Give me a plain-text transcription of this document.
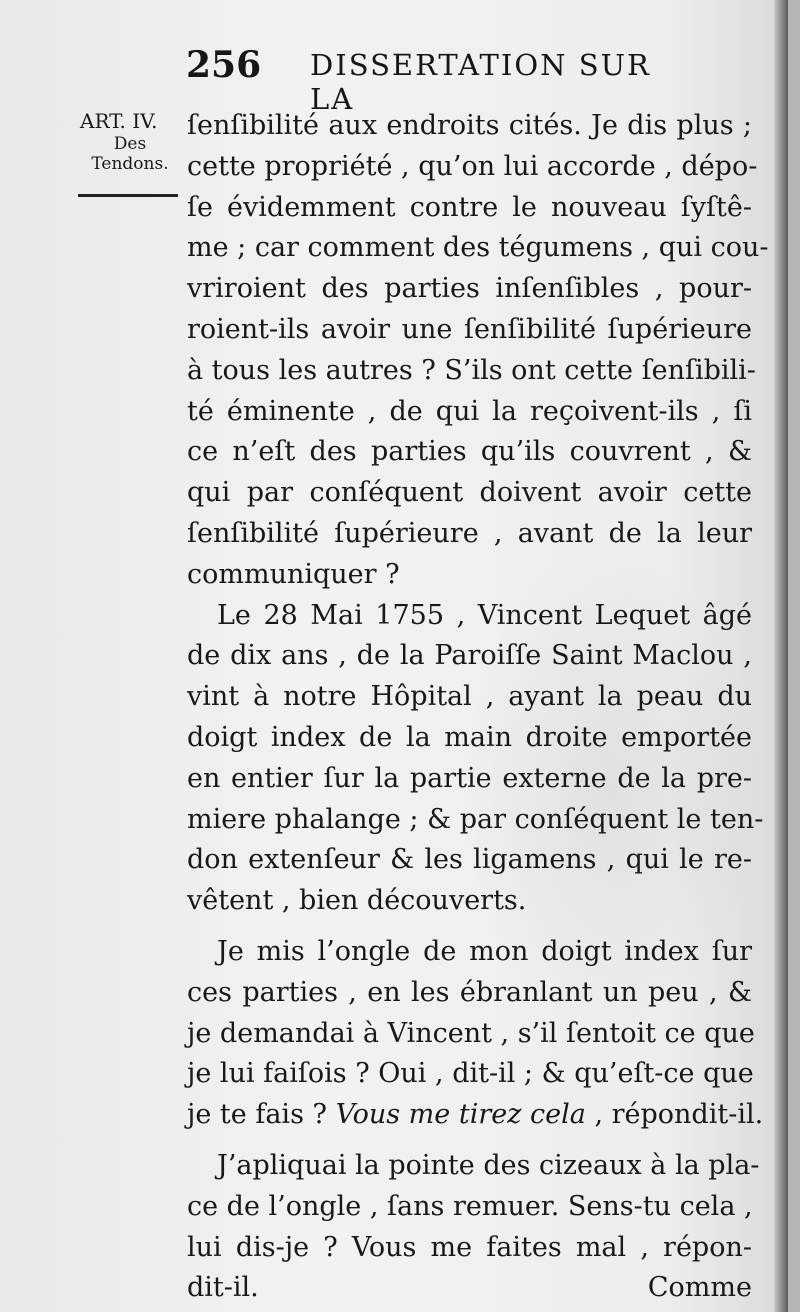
256 DISSERTATION SUR LA
ART. IV.
Des
Tendons.
ſenſibilité aux endroits cités. Je dis plus ;
cette propriété , qu’on lui accorde , dépo-
ſe évidemment contre le nouveau ſyſtê-
me ; car comment des tégumens , qui cou-
vriroient des parties inſenſibles , pour-
roient-ils avoir une ſenſibilité ſupérieure
à tous les autres ? S’ils ont cette ſenſibili-
té éminente , de qui la reçoivent-ils , ſi
ce n’eſt des parties qu’ils couvrent , &
qui par conſéquent doivent avoir cette
ſenſibilité ſupérieure , avant de la leur
communiquer ?
Le 28 Mai 1755 , Vincent Lequet âgé
de dix ans , de la Paroiſſe Saint Maclou ,
vint à notre Hôpital , ayant la peau du
doigt index de la main droite emportée
en entier ſur la partie externe de la pre-
miere phalange ; & par conſéquent le ten-
don extenſeur & les ligamens , qui le re-
vêtent , bien découverts.
Je mis l’ongle de mon doigt index ſur
ces parties , en les ébranlant un peu , &
je demandai à Vincent , s’il ſentoit ce que
je lui faiſois ? Oui , dit-il ; & qu’eſt-ce que
je te fais ? Vous me tirez cela , répondit-il.
J’apliquai la pointe des cizeaux à la pla-
ce de l’ongle , ſans remuer. Sens-tu cela ,
lui dis-je ? Vous me faites mal , répon-
dit-il.	Comme
